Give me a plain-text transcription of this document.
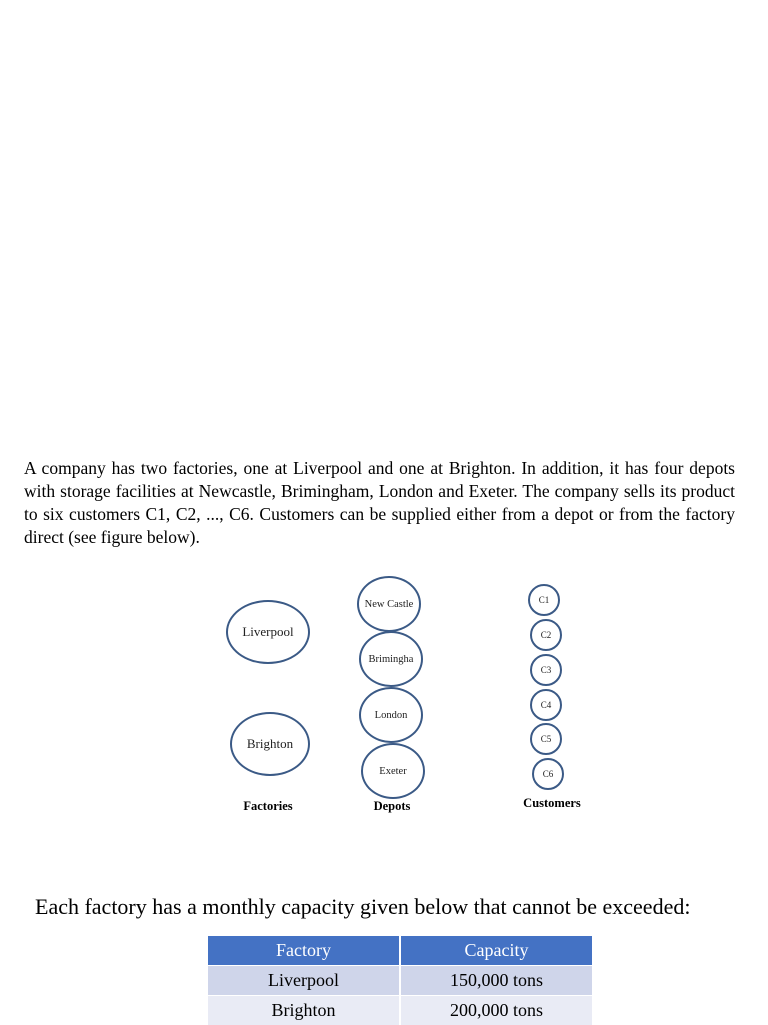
A company has two factories, one at Liverpool and one at Brighton. In addition, it has four depots with storage facilities at Newcastle, Brimingham, London and Exeter. The company sells its product to six customers C1, C2, ..., C6. Customers can be supplied either from a depot or from the factory direct (see figure below).

Liverpool
Brighton
New Castle
Brimingha
London
Exeter
C1
C2
C3
C4
C5
C6
Factories	Depots	Customers

Each factory has a monthly capacity given below that cannot be exceeded:

Factory	Capacity
Liverpool	150,000 tons
Brighton	200,000 tons
